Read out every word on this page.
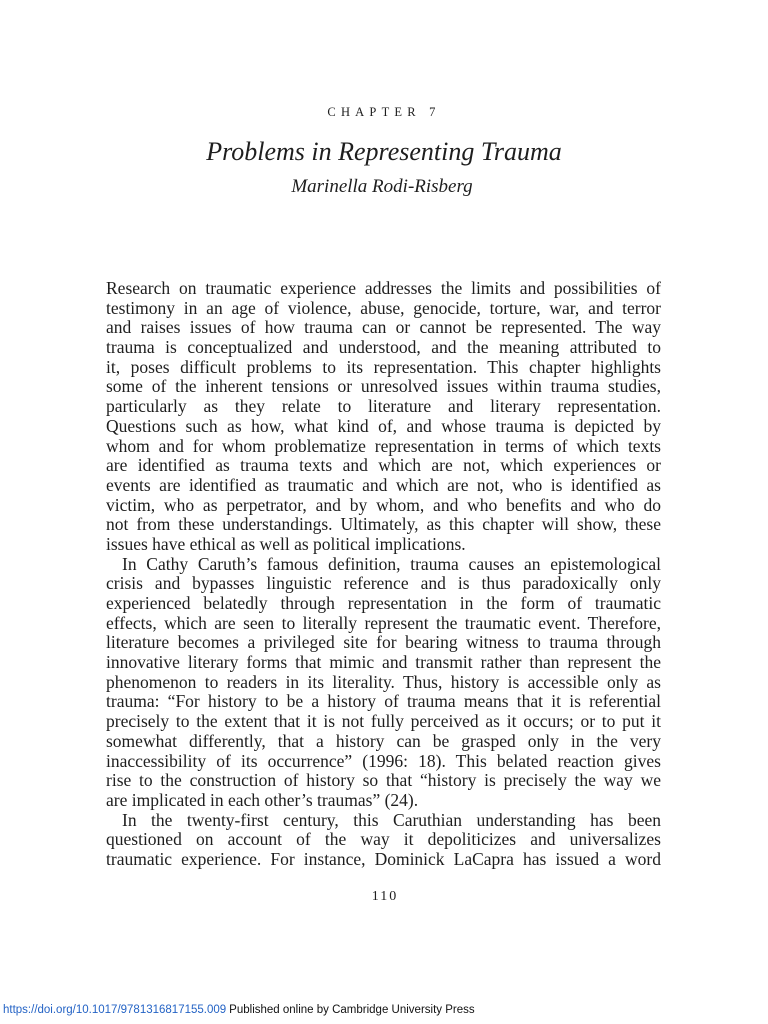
CHAPTER 7
Problems in Representing Trauma
Marinella Rodi-Risberg
Research on traumatic experience addresses the limits and possibilities of
testimony in an age of violence, abuse, genocide, torture, war, and terror
and raises issues of how trauma can or cannot be represented. The way
trauma is conceptualized and understood, and the meaning attributed to
it, poses difficult problems to its representation. This chapter highlights
some of the inherent tensions or unresolved issues within trauma studies,
particularly as they relate to literature and literary representation.
Questions such as how, what kind of, and whose trauma is depicted by
whom and for whom problematize representation in terms of which texts
are identified as trauma texts and which are not, which experiences or
events are identified as traumatic and which are not, who is identified as
victim, who as perpetrator, and by whom, and who benefits and who do
not from these understandings. Ultimately, as this chapter will show, these
issues have ethical as well as political implications.
In Cathy Caruth’s famous definition, trauma causes an epistemological
crisis and bypasses linguistic reference and is thus paradoxically only
experienced belatedly through representation in the form of traumatic
effects, which are seen to literally represent the traumatic event. Therefore,
literature becomes a privileged site for bearing witness to trauma through
innovative literary forms that mimic and transmit rather than represent the
phenomenon to readers in its literality. Thus, history is accessible only as
trauma: “For history to be a history of trauma means that it is referential
precisely to the extent that it is not fully perceived as it occurs; or to put it
somewhat differently, that a history can be grasped only in the very
inaccessibility of its occurrence” (1996: 18). This belated reaction gives
rise to the construction of history so that “history is precisely the way we
are implicated in each other’s traumas” (24).
In the twenty-first century, this Caruthian understanding has been
questioned on account of the way it depoliticizes and universalizes
traumatic experience. For instance, Dominick LaCapra has issued a word
110
https://doi.org/10.1017/9781316817155.009 Published online by Cambridge University Press
